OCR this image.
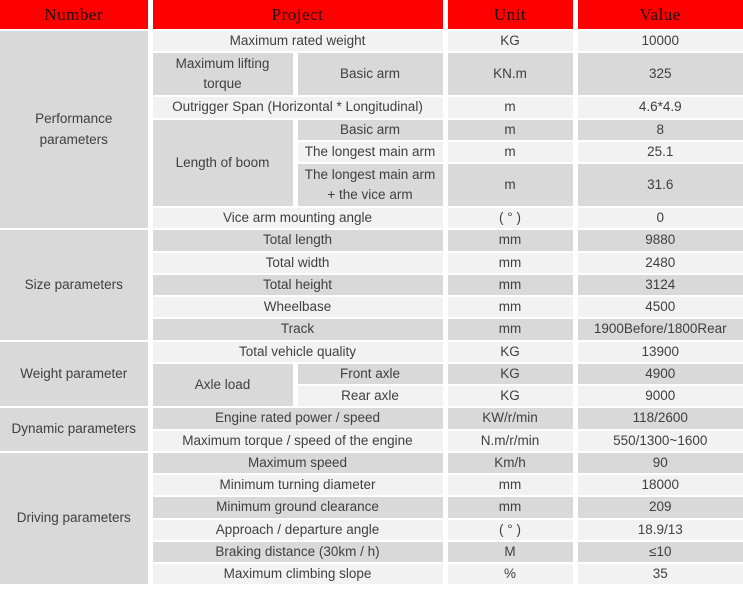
Number	Project		Unit	Value
Performance parameters	Maximum rated weight		KG	10000
	Maximum lifting torque	Basic arm	KN.m	325
	Outrigger Span (Horizontal * Longitudinal)		m	4.6*4.9
	Length of boom	Basic arm	m	8
		The longest main arm	m	25.1
		The longest main arm + the vice arm	m	31.6
	Vice arm mounting angle		( ° )	0
Size parameters	Total length		mm	9880
	Total width		mm	2480
	Total height		mm	3124
	Wheelbase		mm	4500
	Track		mm	1900Before/1800Rear
Weight parameter	Total vehicle quality		KG	13900
	Axle load	Front axle	KG	4900
		Rear axle	KG	9000
Dynamic parameters	Engine rated power / speed		KW/r/min	118/2600
	Maximum torque / speed of the engine		N.m/r/min	550/1300~1600
Driving parameters	Maximum speed		Km/h	90
	Minimum turning diameter		mm	18000
	Minimum ground clearance		mm	209
	Approach / departure angle		( ° )	18.9/13
	Braking distance (30km / h)		M	≤10
	Maximum climbing slope		%	35
